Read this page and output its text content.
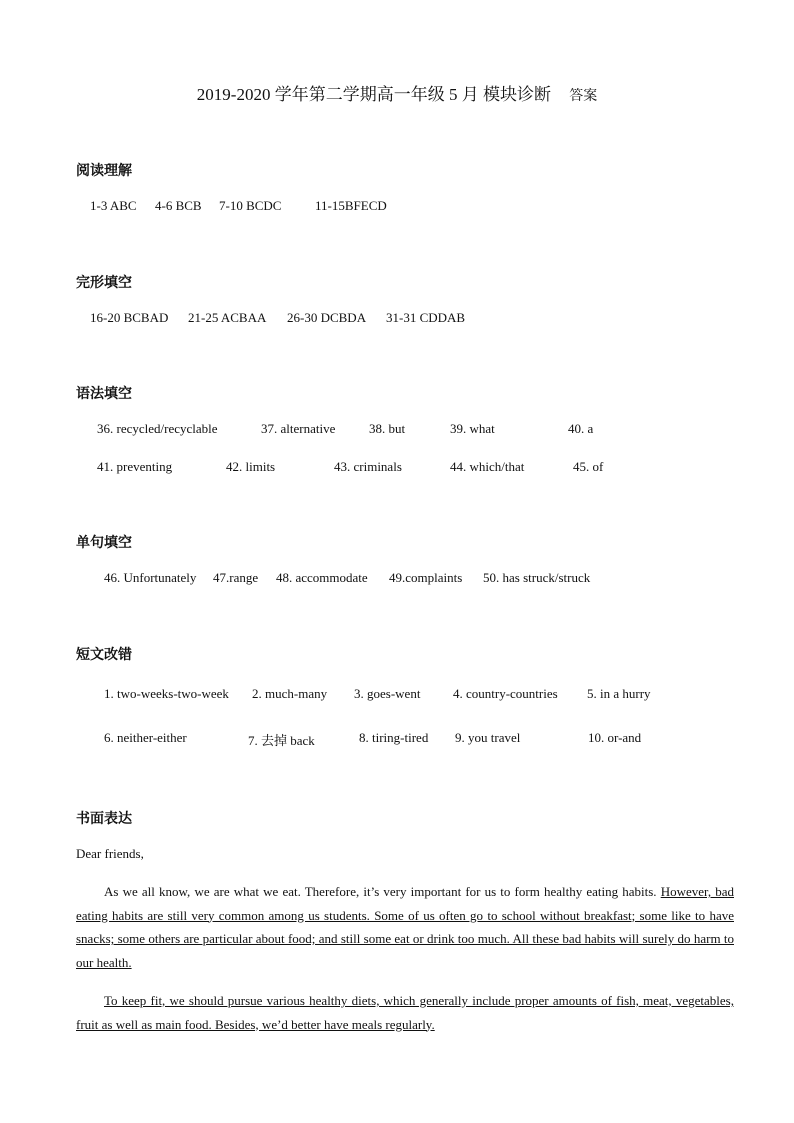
2019-2020 学年第二学期高一年级 5 月 模块诊断 答案
阅读理解
1-3 ABC 4-6 BCB 7-10 BCDC	11-15BFECD
完形填空
16-20 BCBAD 21-25 ACBAA 26-30 DCBDA 31-31 CDDAB
语法填空
36. recycled/recyclable	37. alternative	38. but	39. what	40. a
41. preventing	42. limits	43. criminals	44. which/that	45. of
单句填空
46. Unfortunately 47.range 48. accommodate 49.complaints 50. has struck/struck
短文改错
1. two-weeks-two-week 2. much-many 3. goes-went	4. country-countries 5. in a hurry
6. neither-either	7. 去掉 back	8. tiring-tired 9. you travel	10. or-and
书面表达
Dear friends,
As we all know, we are what we eat. Therefore, it’s very important for us to form healthy eating habits. However, bad eating habits are still very common among us students. Some of us often go to school without breakfast; some like to have snacks; some others are particular about food; and still some eat or drink too much. All these bad habits will surely do harm to our health.
To keep fit, we should pursue various healthy diets, which generally include proper amounts of fish, meat, vegetables, fruit as well as main food. Besides, we’d better have meals regularly.
